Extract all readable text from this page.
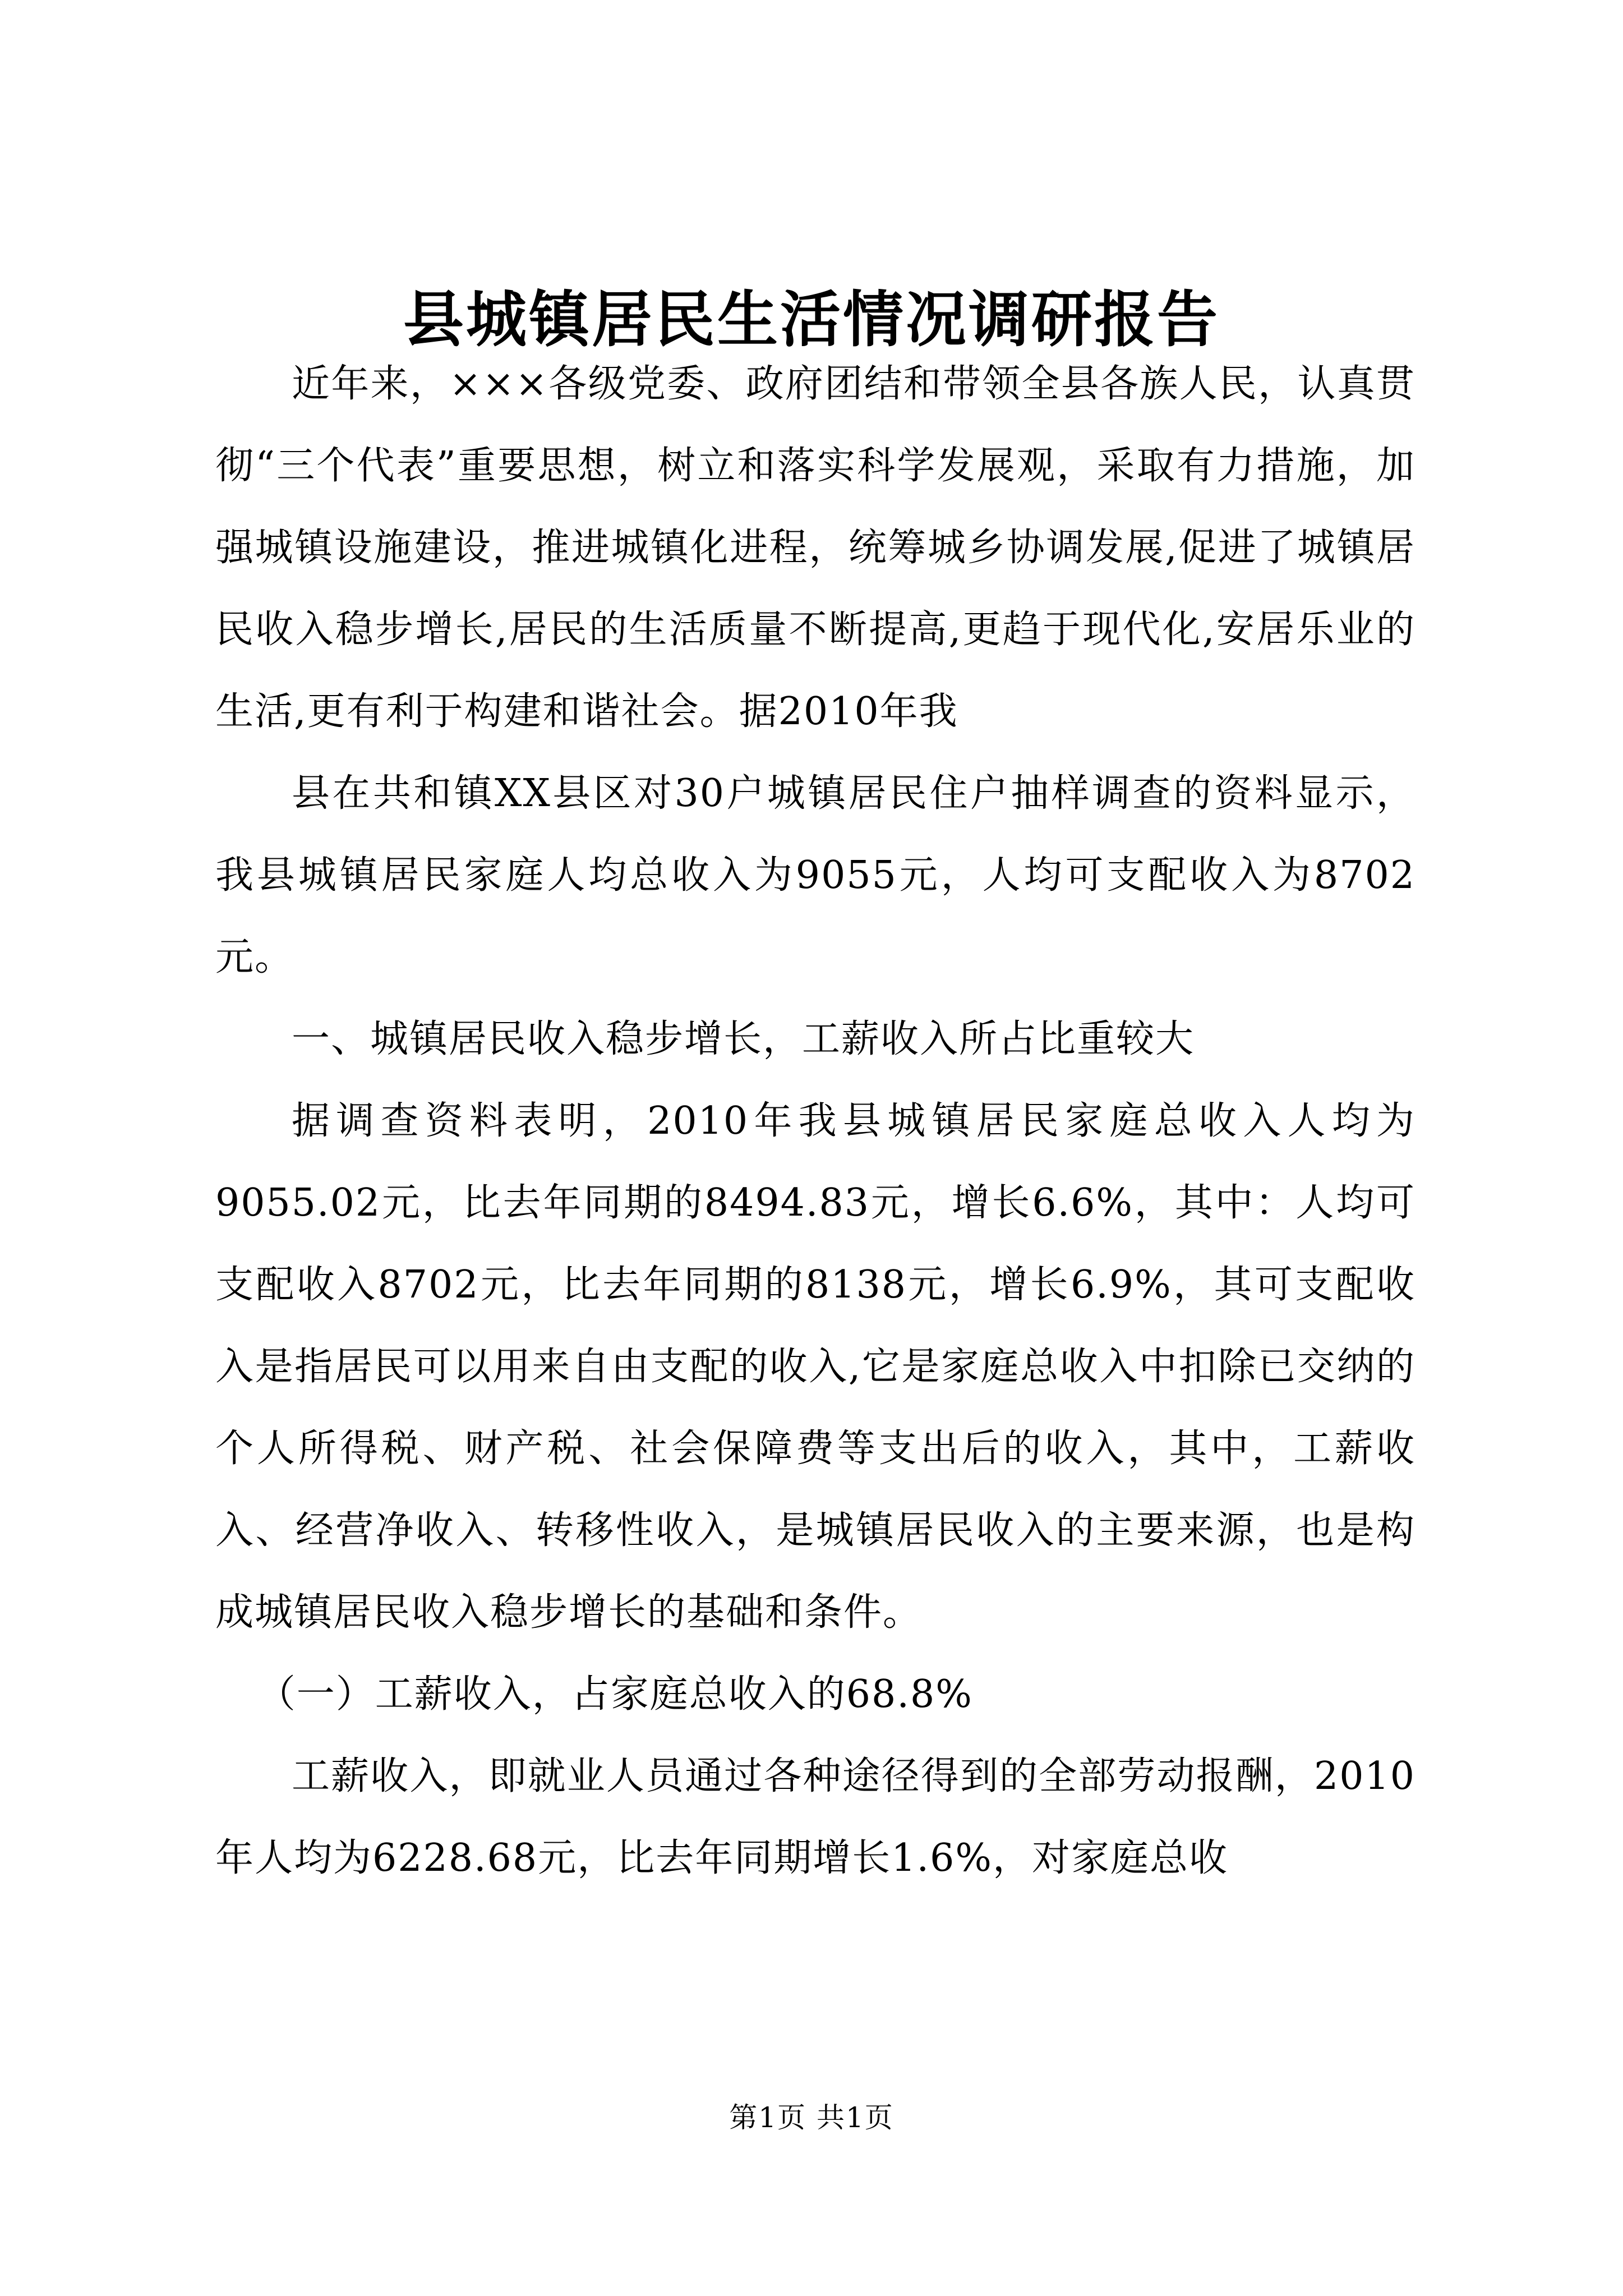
县城镇居民生活情况调研报告

近年来，×××各级党委、政府团结和带领全县各族人民，认真贯彻“三个代表”重要思想，树立和落实科学发展观，采取有力措施，加强城镇设施建设，推进城镇化进程，统筹城乡协调发展,促进了城镇居民收入稳步增长,居民的生活质量不断提高,更趋于现代化,安居乐业的生活,更有利于构建和谐社会。据2010年我

县在共和镇XX县区对30户城镇居民住户抽样调查的资料显示，我县城镇居民家庭人均总收入为9055元，人均可支配收入为8702元。

一、城镇居民收入稳步增长，工薪收入所占比重较大

据调查资料表明，2010年我县城镇居民家庭总收入人均为9055.02元，比去年同期的8494.83元，增长6.6%，其中：人均可支配收入8702元，比去年同期的8138元，增长6.9%，其可支配收入是指居民可以用来自由支配的收入,它是家庭总收入中扣除已交纳的个人所得税、财产税、社会保障费等支出后的收入，其中，工薪收入、经营净收入、转移性收入，是城镇居民收入的主要来源，也是构成城镇居民收入稳步增长的基础和条件。

（一）工薪收入，占家庭总收入的68.8%

工薪收入，即就业人员通过各种途径得到的全部劳动报酬，2010年人均为6228.68元，比去年同期增长1.6%，对家庭总收

第1页 共1页
